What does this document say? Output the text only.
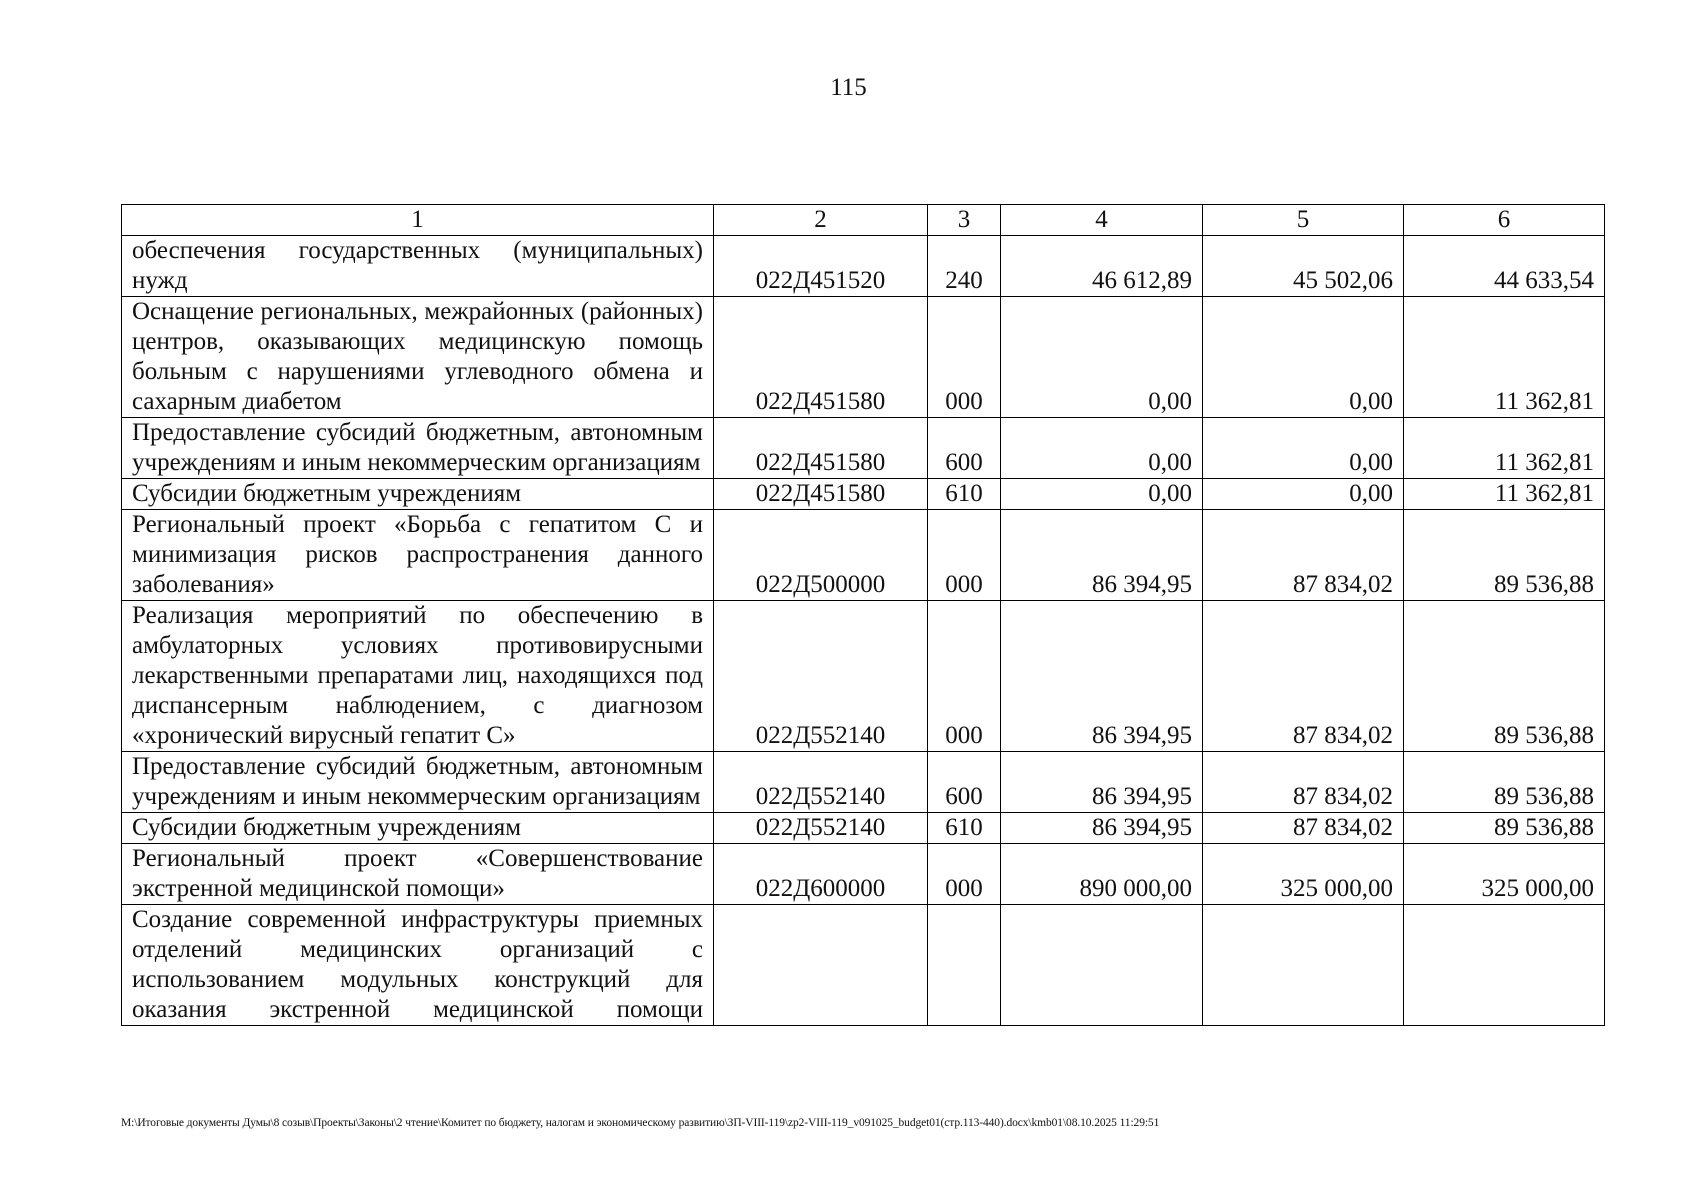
115
1	2	3	4	5	6
обеспечения государственных (муниципальных) нужд	022Д451520	240	46 612,89	45 502,06	44 633,54
Оснащение региональных, межрайонных (районных) центров, оказывающих медицинскую помощь больным с нарушениями углеводного обмена и сахарным диабетом	022Д451580	000	0,00	0,00	11 362,81
Предоставление субсидий бюджетным, автономным учреждениям и иным некоммерческим организациям	022Д451580	600	0,00	0,00	11 362,81
Субсидии бюджетным учреждениям	022Д451580	610	0,00	0,00	11 362,81
Региональный проект «Борьба с гепатитом С и минимизация рисков распространения данного заболевания»	022Д500000	000	86 394,95	87 834,02	89 536,88
Реализация мероприятий по обеспечению в амбулаторных условиях противовирусными лекарственными препаратами лиц, находящихся под диспансерным наблюдением, с диагнозом «хронический вирусный гепатит С»	022Д552140	000	86 394,95	87 834,02	89 536,88
Предоставление субсидий бюджетным, автономным учреждениям и иным некоммерческим организациям	022Д552140	600	86 394,95	87 834,02	89 536,88
Субсидии бюджетным учреждениям	022Д552140	610	86 394,95	87 834,02	89 536,88
Региональный проект «Совершенствование экстренной медицинской помощи»	022Д600000	000	890 000,00	325 000,00	325 000,00
Создание современной инфраструктуры приемных отделений медицинских организаций с использованием модульных конструкций для оказания экстренной медицинской помощи					
М:\Итоговые документы Думы\8 созыв\Проекты\Законы\2 чтение\Комитет по бюджету, налогам и экономическому развитию\ЗП-VIII-119\zp2-VIII-119_v091025_budget01(стр.113-440).docx\kmb01\08.10.2025 11:29:51
